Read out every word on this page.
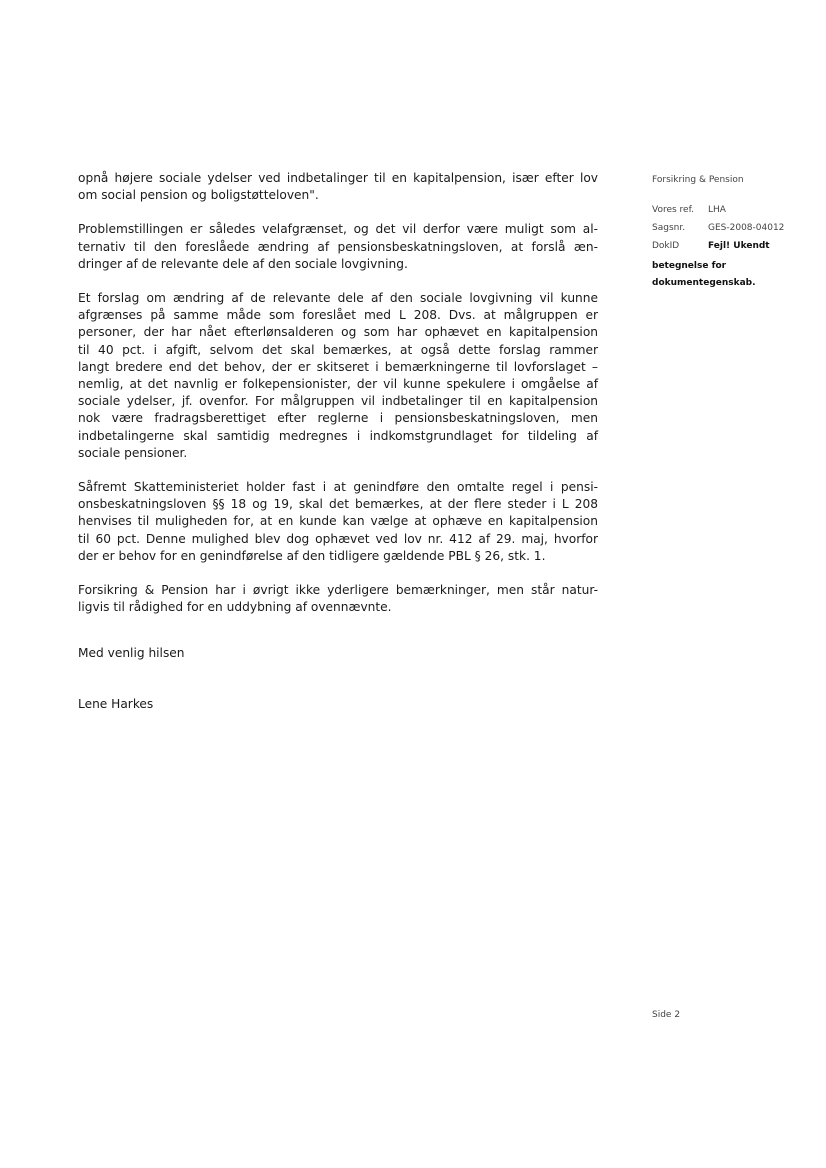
Forsikring & Pension
Vores ref.	LHA
Sagsnr.	GES-2008-04012
DokID	Fejl! Ukendt
betegnelse for
dokumentegenskab.
opnå højere sociale ydelser ved indbetalinger til en kapitalpension, især efter lov
om social pension og boligstøtteloven".
Problemstillingen er således velafgrænset, og det vil derfor være muligt som al-
ternativ til den foreslåede ændring af pensionsbeskatningsloven, at forslå æn-
dringer af de relevante dele af den sociale lovgivning.
Et forslag om ændring af de relevante dele af den sociale lovgivning vil kunne
afgrænses på samme måde som foreslået med L 208. Dvs. at målgruppen er
personer, der har nået efterlønsalderen og som har ophævet en kapitalpension
til 40 pct. i afgift, selvom det skal bemærkes, at også dette forslag rammer
langt bredere end det behov, der er skitseret i bemærkningerne til lovforslaget –
nemlig, at det navnlig er folkepensionister, der vil kunne spekulere i omgåelse af
sociale ydelser, jf. ovenfor. For målgruppen vil indbetalinger til en kapitalpension
nok være fradragsberettiget efter reglerne i pensionsbeskatningsloven, men
indbetalingerne skal samtidig medregnes i indkomstgrundlaget for tildeling af
sociale pensioner.
Såfremt Skatteministeriet holder fast i at genindføre den omtalte regel i pensi-
onsbeskatningsloven §§ 18 og 19, skal det bemærkes, at der flere steder i L 208
henvises til muligheden for, at en kunde kan vælge at ophæve en kapitalpension
til 60 pct. Denne mulighed blev dog ophævet ved lov nr. 412 af 29. maj, hvorfor
der er behov for en genindførelse af den tidligere gældende PBL § 26, stk. 1.
Forsikring & Pension har i øvrigt ikke yderligere bemærkninger, men står natur-
ligvis til rådighed for en uddybning af ovennævnte.
Med venlig hilsen
Lene Harkes
Side 2
